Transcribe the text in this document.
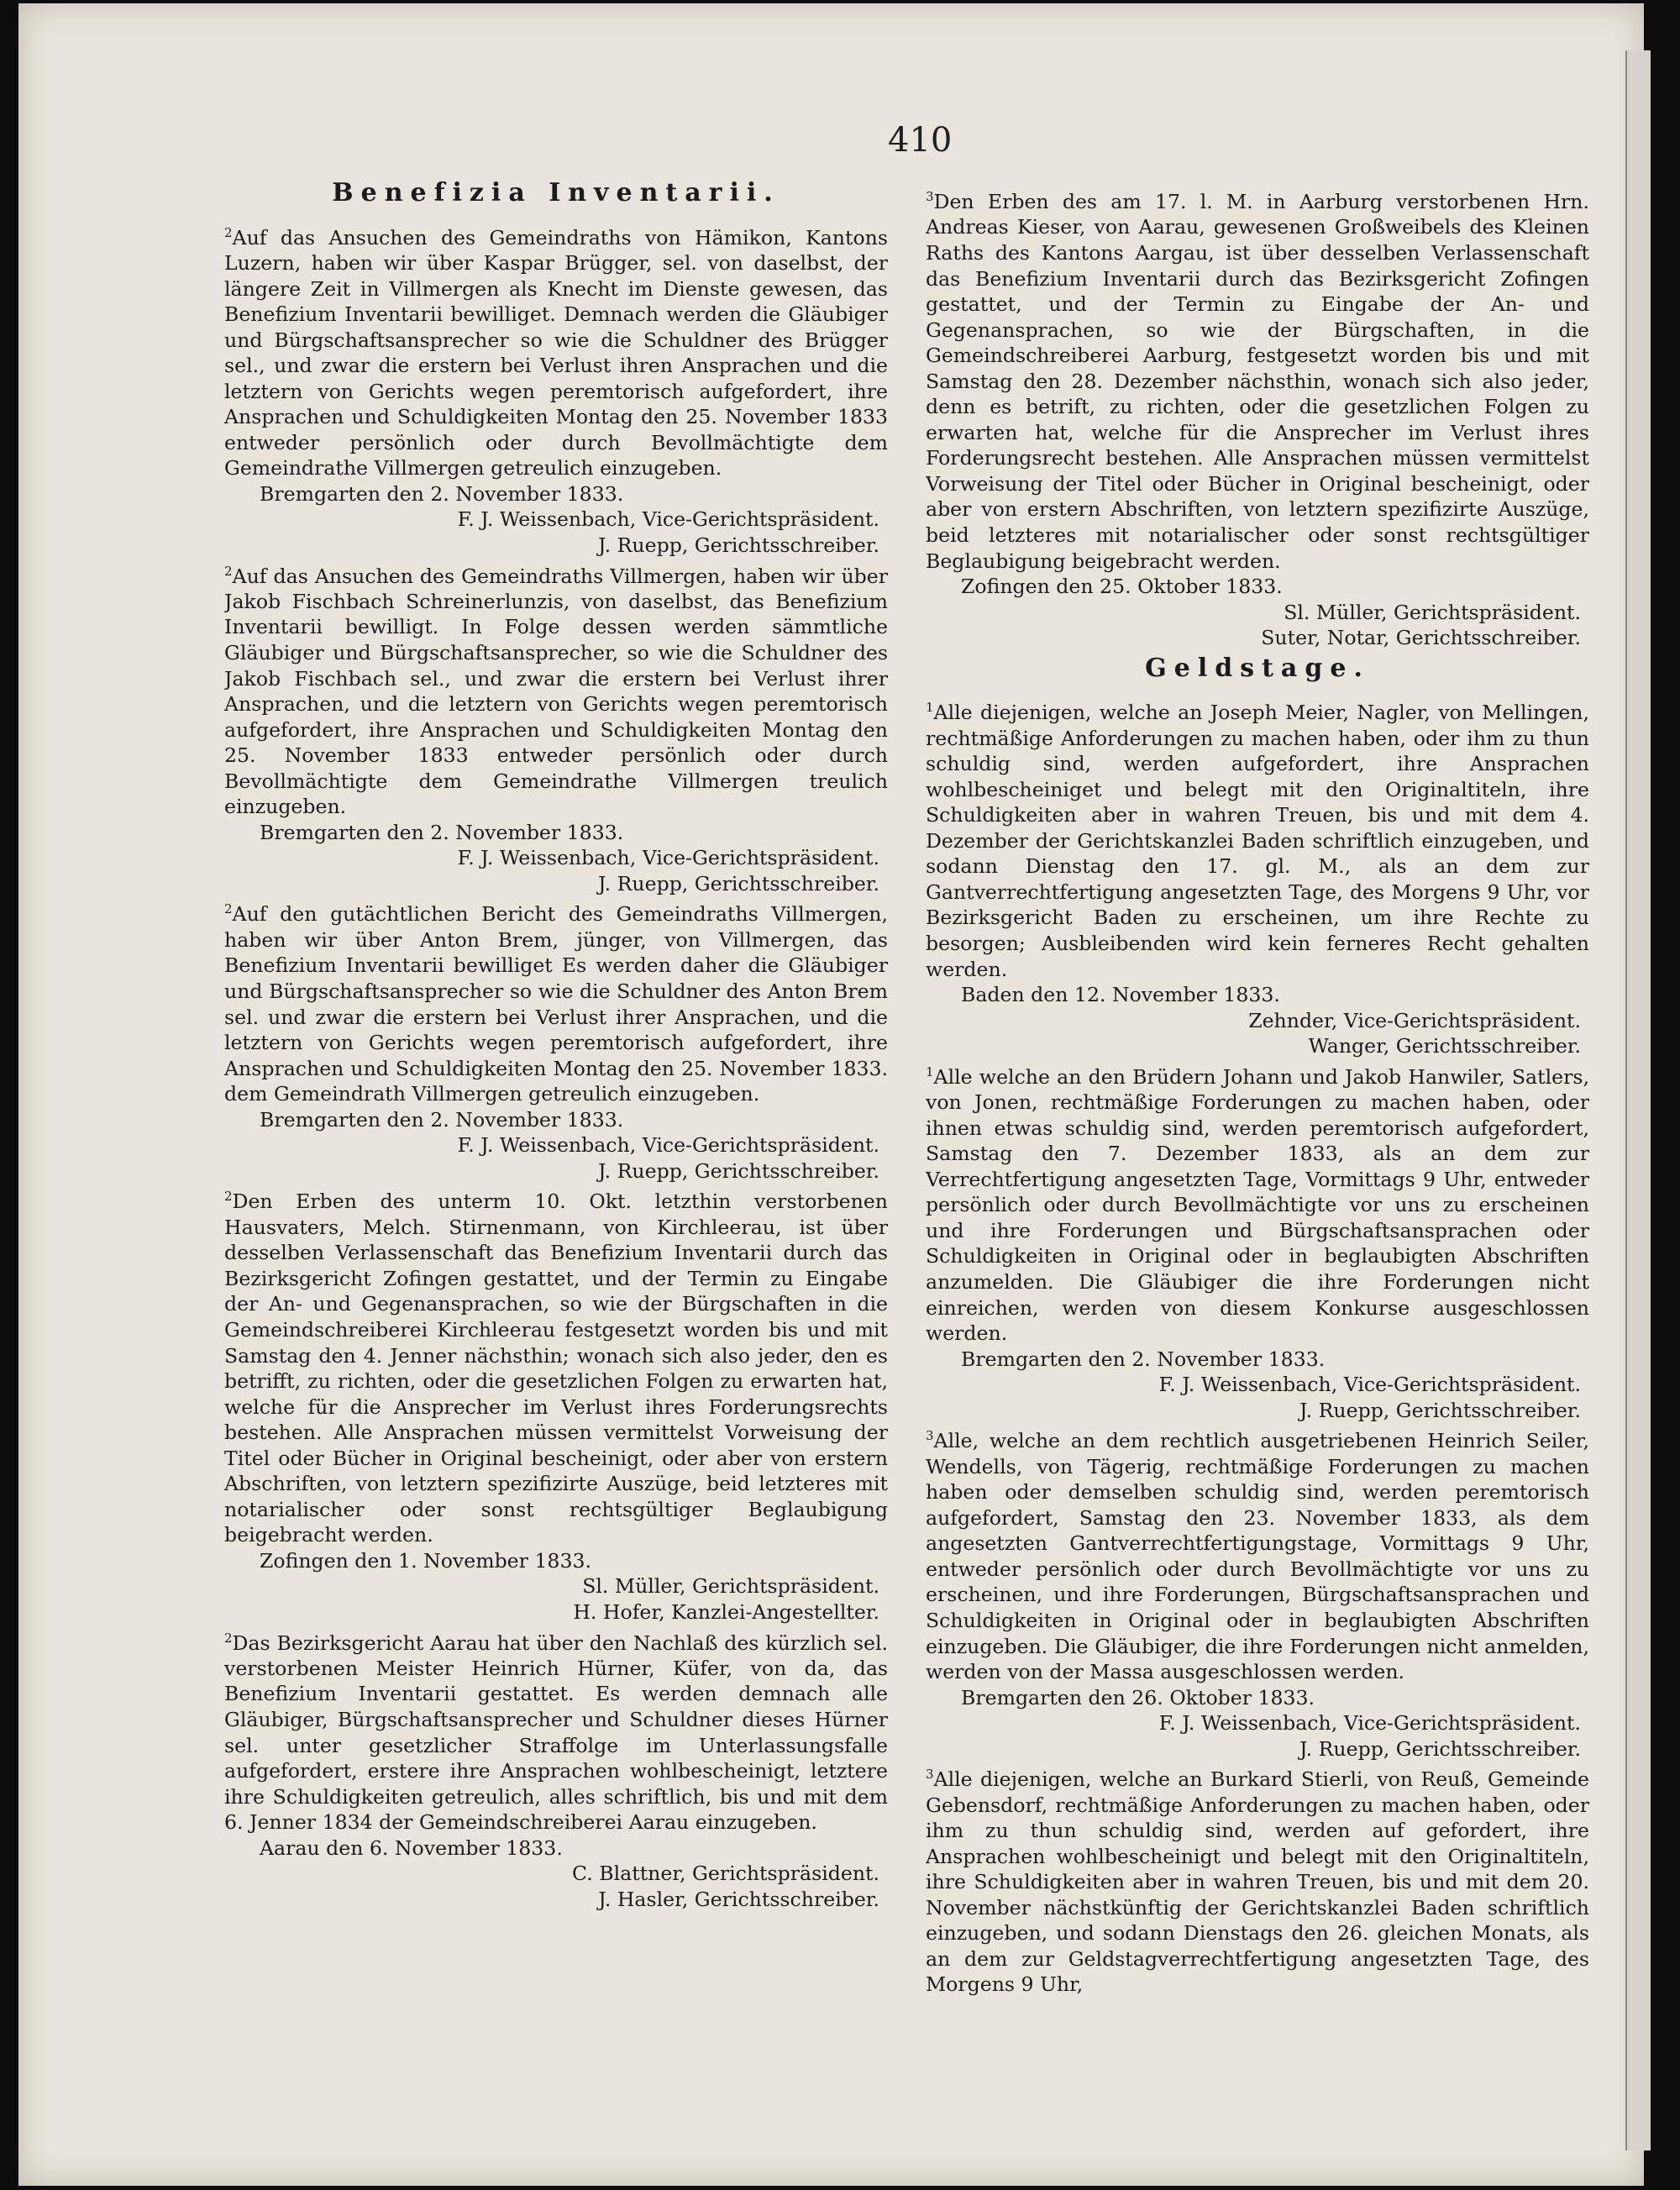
410
Benefizia Inventarii.

$^2$Auf das Ansuchen des Gemeindraths von Hämikon, Kantons Luzern, haben wir über Kaspar Brügger, sel. von daselbst, der längere Zeit in Villmergen als Knecht im Dienste gewesen, das Benefizium Inventarii bewilliget. Demnach werden die Gläubiger und Bürgschaftsansprecher so wie die Schuldner des Brügger sel., und zwar die erstern bei Verlust ihren Ansprachen und die letztern von Gerichts wegen peremtorisch aufgefordert, ihre Ansprachen und Schuldigkeiten Montag den 25. November 1833 entweder persönlich oder durch Bevollmächtigte dem Gemeindrathe Villmergen getreulich einzugeben.

Bremgarten den 2. November 1833.

F. J. Weissenbach, Vice-Gerichtspräsident.

J. Ruepp, Gerichtsschreiber.

$^2$Auf das Ansuchen des Gemeindraths Villmergen, haben wir über Jakob Fischbach Schreinerlunzis, von daselbst, das Benefizium Inventarii bewilligt. In Folge dessen werden sämmtliche Gläubiger und Bürgschaftsansprecher, so wie die Schuldner des Jakob Fischbach sel., und zwar die erstern bei Verlust ihrer Ansprachen, und die letztern von Gerichts wegen peremtorisch aufgefordert, ihre Ansprachen und Schuldigkeiten Montag den 25. November 1833 entweder persönlich oder durch Bevollmächtigte dem Gemeindrathe Villmergen treulich einzugeben.

Bremgarten den 2. November 1833.

F. J. Weissenbach, Vice-Gerichtspräsident.

J. Ruepp, Gerichtsschreiber.

$^2$Auf den gutächtlichen Bericht des Gemeindraths Villmergen, haben wir über Anton Brem, jünger, von Villmergen, das Benefizium Inventarii bewilliget Es werden daher die Gläubiger und Bürgschaftsansprecher so wie die Schuldner des Anton Brem sel. und zwar die erstern bei Verlust ihrer Ansprachen, und die letztern von Gerichts wegen peremtorisch aufgefordert, ihre Ansprachen und Schuldigkeiten Montag den 25. November 1833. dem Gemeindrath Villmergen getreulich einzugeben.

Bremgarten den 2. November 1833.

F. J. Weissenbach, Vice-Gerichtspräsident.

J. Ruepp, Gerichtsschreiber.

$^2$Den Erben des unterm 10. Okt. letzthin verstorbenen Hausvaters, Melch. Stirnenmann, von Kirchleerau, ist über desselben Verlassenschaft das Benefizium Inventarii durch das Bezirksgericht Zofingen gestattet, und der Termin zu Eingabe der An- und Gegenansprachen, so wie der Bürgschaften in die Gemeindschreiberei Kirchleerau festgesetzt worden bis und mit Samstag den 4. Jenner nächsthin; wonach sich also jeder, den es betrifft, zu richten, oder die gesetzlichen Folgen zu erwarten hat, welche für die Ansprecher im Verlust ihres Forderungsrechts bestehen. Alle Ansprachen müssen vermittelst Vorweisung der Titel oder Bücher in Original bescheinigt, oder aber von erstern Abschriften, von letztern spezifizirte Auszüge, beid letzteres mit notarialischer oder sonst rechtsgültiger Beglaubigung beigebracht werden.

Zofingen den 1. November 1833.

Sl. Müller, Gerichtspräsident.

H. Hofer, Kanzlei-Angestellter.

$^2$Das Bezirksgericht Aarau hat über den Nachlaß des kürzlich sel. verstorbenen Meister Heinrich Hürner, Küfer, von da, das Benefizium Inventarii gestattet. Es werden demnach alle Gläubiger, Bürgschaftsansprecher und Schuldner dieses Hürner sel. unter gesetzlicher Straffolge im Unterlassungsfalle aufgefordert, erstere ihre Ansprachen wohlbescheinigt, letztere ihre Schuldigkeiten getreulich, alles schriftlich, bis und mit dem 6. Jenner 1834 der Gemeindschreiberei Aarau einzugeben.

Aarau den 6. November 1833.

C. Blattner, Gerichtspräsident.

J. Hasler, Gerichtsschreiber.

$^3$Den Erben des am 17. l. M. in Aarburg verstorbenen Hrn. Andreas Kieser, von Aarau, gewesenen Großweibels des Kleinen Raths des Kantons Aargau, ist über desselben Verlassenschaft das Benefizium Inventarii durch das Bezirksgericht Zofingen gestattet, und der Termin zu Eingabe der An- und Gegenansprachen, so wie der Bürgschaften, in die Gemeindschreiberei Aarburg, festgesetzt worden bis und mit Samstag den 28. Dezember nächsthin, wonach sich also jeder, denn es betrift, zu richten, oder die gesetzlichen Folgen zu erwarten hat, welche für die Ansprecher im Verlust ihres Forderungsrecht bestehen. Alle Ansprachen müssen vermittelst Vorweisung der Titel oder Bücher in Original bescheinigt, oder aber von erstern Abschriften, von letztern spezifizirte Auszüge, beid letzteres mit notarialischer oder sonst rechtsgültiger Beglaubigung beigebracht werden.

Zofingen den 25. Oktober 1833.

Sl. Müller, Gerichtspräsident.

Suter, Notar, Gerichtsschreiber.

Geldstage.

$^1$Alle diejenigen, welche an Joseph Meier, Nagler, von Mellingen, rechtmäßige Anforderungen zu machen haben, oder ihm zu thun schuldig sind, werden aufgefordert, ihre Ansprachen wohlbescheiniget und belegt mit den Originaltiteln, ihre Schuldigkeiten aber in wahren Treuen, bis und mit dem 4. Dezember der Gerichtskanzlei Baden schriftlich einzugeben, und sodann Dienstag den 17. gl. M., als an dem zur Gantverrechtfertigung angesetzten Tage, des Morgens 9 Uhr, vor Bezirksgericht Baden zu erscheinen, um ihre Rechte zu besorgen; Ausbleibenden wird kein ferneres Recht gehalten werden.

Baden den 12. November 1833.

Zehnder, Vice-Gerichtspräsident.

Wanger, Gerichtsschreiber.

$^1$Alle welche an den Brüdern Johann und Jakob Hanwiler, Satlers, von Jonen, rechtmäßige Forderungen zu machen haben, oder ihnen etwas schuldig sind, werden peremtorisch aufgefordert, Samstag den 7. Dezember 1833, als an dem zur Verrechtfertigung angesetzten Tage, Vormittags 9 Uhr, entweder persönlich oder durch Bevollmächtigte vor uns zu erscheinen und ihre Forderungen und Bürgschaftsansprachen oder Schuldigkeiten in Original oder in beglaubigten Abschriften anzumelden. Die Gläubiger die ihre Forderungen nicht einreichen, werden von diesem Konkurse ausgeschlossen werden.

Bremgarten den 2. November 1833.

F. J. Weissenbach, Vice-Gerichtspräsident.

J. Ruepp, Gerichtsschreiber.

$^3$Alle, welche an dem rechtlich ausgetriebenen Heinrich Seiler, Wendells, von Tägerig, rechtmäßige Forderungen zu machen haben oder demselben schuldig sind, werden peremtorisch aufgefordert, Samstag den 23. November 1833, als dem angesetzten Gantverrechtfertigungstage, Vormittags 9 Uhr, entweder persönlich oder durch Bevollmächtigte vor uns zu erscheinen, und ihre Forderungen, Bürgschaftsansprachen und Schuldigkeiten in Original oder in beglaubigten Abschriften einzugeben. Die Gläubiger, die ihre Forderungen nicht anmelden, werden von der Massa ausgeschlossen werden.

Bremgarten den 26. Oktober 1833.

F. J. Weissenbach, Vice-Gerichtspräsident.

J. Ruepp, Gerichtsschreiber.

$^3$Alle diejenigen, welche an Burkard Stierli, von Reuß, Gemeinde Gebensdorf, rechtmäßige Anforderungen zu machen haben, oder ihm zu thun schuldig sind, werden auf gefordert, ihre Ansprachen wohlbescheinigt und belegt mit den Originaltiteln, ihre Schuldigkeiten aber in wahren Treuen, bis und mit dem 20. November nächstkünftig der Gerichtskanzlei Baden schriftlich einzugeben, und sodann Dienstags den 26. gleichen Monats, als an dem zur Geldstagverrechtfertigung angesetzten Tage, des Morgens 9 Uhr,
